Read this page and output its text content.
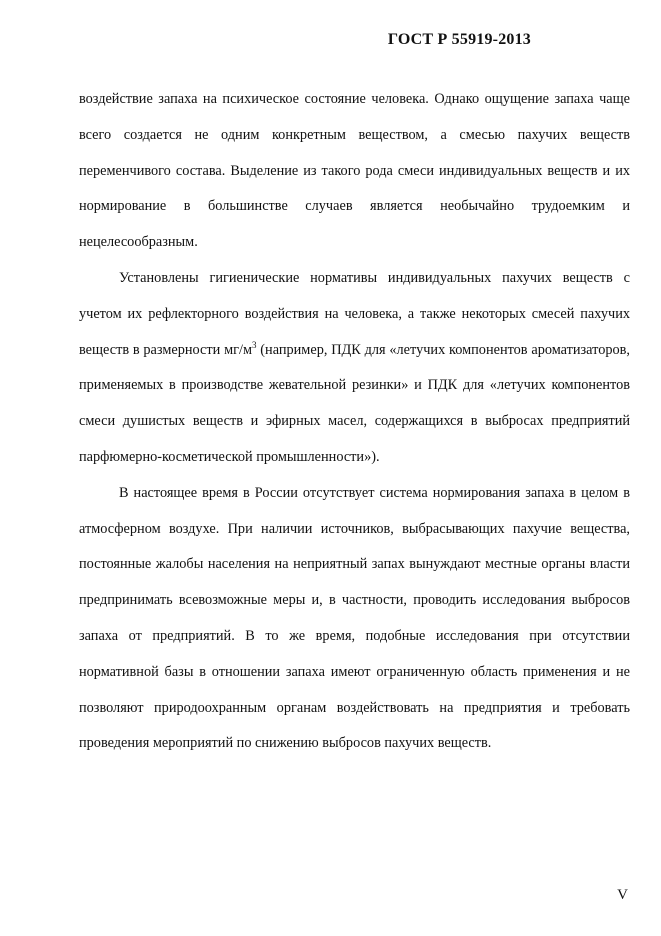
ГОСТ Р 55919-2013

воздействие запаха на психическое состояние человека. Однако ощущение запаха чаще всего создается не одним конкретным веществом, а смесью пахучих веществ переменчивого состава. Выделение из такого рода смеси индивидуальных веществ и их нормирование в большинстве случаев является необычайно трудоемким и нецелесообразным.

Установлены гигиенические нормативы индивидуальных пахучих веществ с учетом их рефлекторного воздействия на человека, а также некоторых смесей пахучих веществ в размерности $мг/м^3$ (например, ПДК для «летучих компонентов ароматизаторов, применяемых в производстве жевательной резинки» и ПДК для «летучих компонентов смеси душистых веществ и эфирных масел, содержащихся в выбросах предприятий парфюмерно-косметической промышленности»).

В настоящее время в России отсутствует система нормирования запаха в целом в атмосферном воздухе. При наличии источников, выбрасывающих пахучие вещества, постоянные жалобы населения на неприятный запах вынуждают местные органы власти предпринимать всевозможные меры и, в частности, проводить исследования выбросов запаха от предприятий. В то же время, подобные исследования при отсутствии нормативной базы в отношении запаха имеют ограниченную область применения и не позволяют природоохранным органам воздействовать на предприятия и требовать проведения мероприятий по снижению выбросов пахучих веществ.

V
